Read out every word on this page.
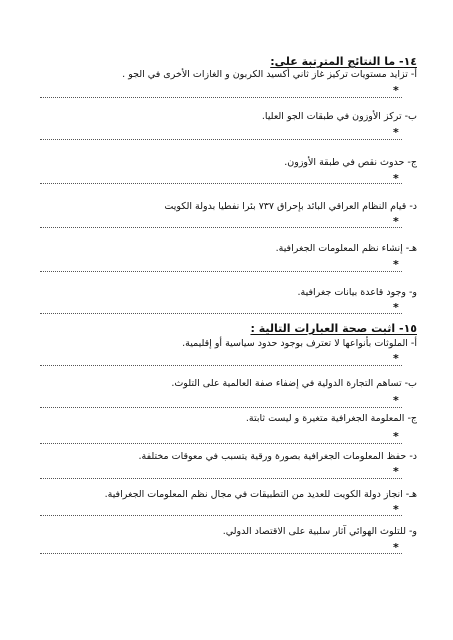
١٤- ما النتائج المترتبة على:
أ- تزايد مستويات تركيز غاز ثاني أكسيد الكربون و الغازات الأخرى في الجو .
*
ب- تركز الأوزون في طبقات الجو العليا.
*
ج- حدوث نقص في طبقة الأوزون.
*
د- قيام النظام العراقي البائد بإحراق ٧٣٧ بئرا نفطيا بدولة الكويت
*
هـ- إنشاء نظم المعلومات الجغرافية.
*
و- وجود قاعدة بيانات جغرافية.
*
١٥- اثبت صحة العبارات التالية :
أ- الملوثات بأنواعها لا تعترف بوجود حدود سياسية أو إقليمية.
*
ب- تساهم التجارة الدولية في إضفاء صفة العالمية على التلوث.
*
ج- المعلومة الجغرافية متغيرة و ليست ثابتة.
*
د- حفظ المعلومات الجغرافية بصورة ورقية يتسبب في معوقات مختلفة.
*
هـ- انجاز دولة الكويت للعديد من التطبيقات في مجال نظم المعلومات الجغرافية.
*
و- للتلوث الهوائي آثار سلبية على الاقتصاد الدولي.
*
